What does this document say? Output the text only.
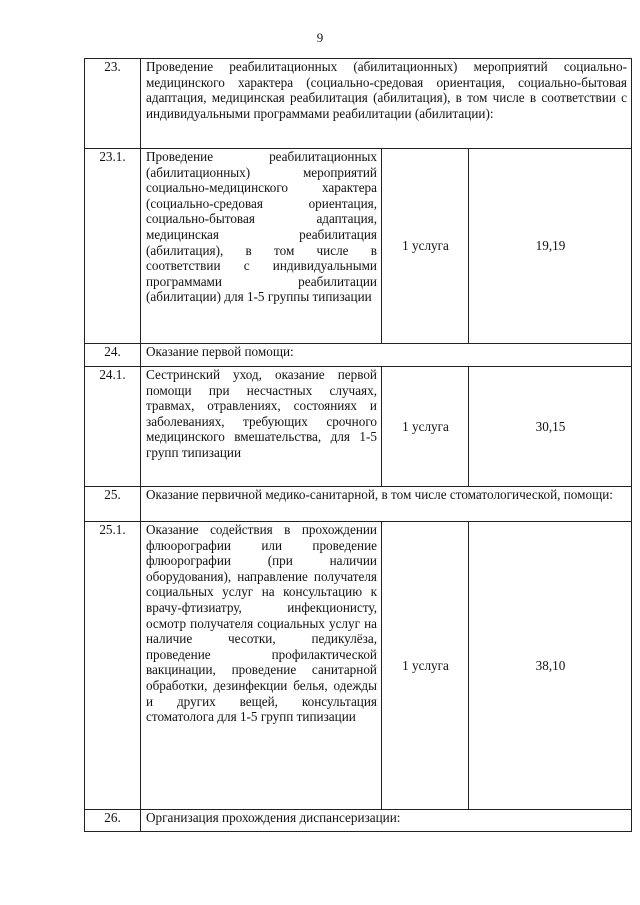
9
23.	Проведение реабилитационных (абилитационных) мероприятий социально-медицинского характера (социально-средовая ориентация, социально-бытовая адаптация, медицинская реабилитация (абилитация), в том числе в соответствии с индивидуальными программами реабилитации (абилитации):		
23.1.	Проведение реабилитационных (абилитационных) мероприятий социально-медицинского характера (социально-средовая ориентация, социально-бытовая адаптация, медицинская реабилитация (абилитация), в том числе в соответствии с индивидуальными программами реабилитации (абилитации) для 1-5 группы типизации	1 услуга	19,19
24.	Оказание первой помощи:		
24.1.	Сестринский уход, оказание первой помощи при несчастных случаях, травмах, отравлениях, состояниях и заболеваниях, требующих срочного медицинского вмешательства, для 1-5 групп типизации	1 услуга	30,15
25.	Оказание первичной медико-санитарной, в том числе стоматологической, помощи:		
25.1.	Оказание содействия в прохождении флюорографии или проведение флюорографии (при наличии оборудования), направление получателя социальных услуг на консультацию к врачу-фтизиатру, инфекционисту, осмотр получателя социальных услуг на наличие чесотки, педикулёза, проведение профилактической вакцинации, проведение санитарной обработки, дезинфекции белья, одежды и других вещей, консультация стоматолога для 1-5 групп типизации	1 услуга	38,10
26.	Организация прохождения диспансеризации:		
